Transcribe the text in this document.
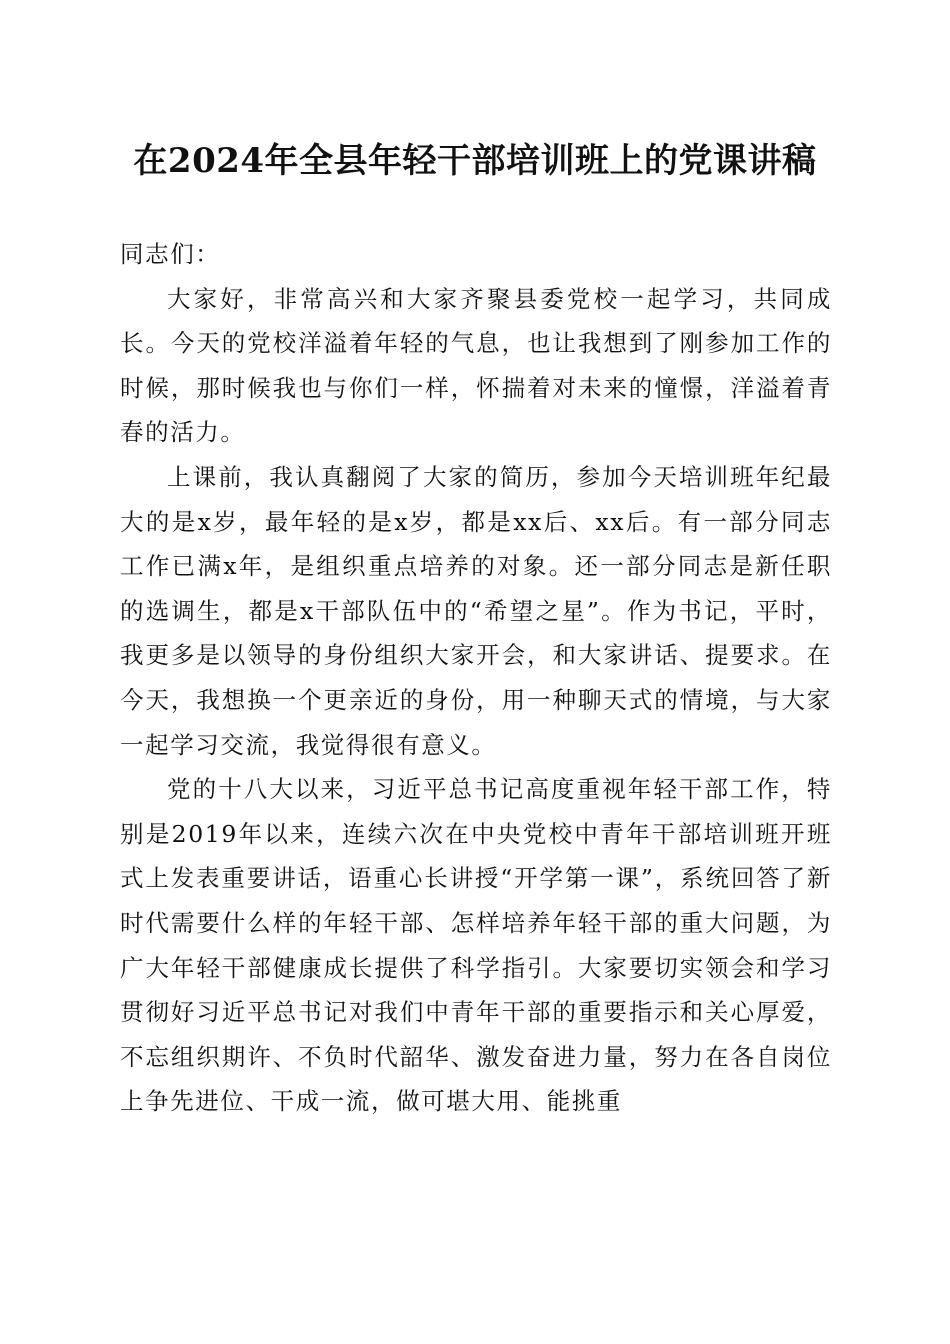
在2024年全县年轻干部培训班上的党课讲稿

同志们：

大家好，非常高兴和大家齐聚县委党校一起学习，共同成长。今天的党校洋溢着年轻的气息，也让我想到了刚参加工作的时候，那时候我也与你们一样，怀揣着对未来的憧憬，洋溢着青春的活力。

上课前，我认真翻阅了大家的简历，参加今天培训班年纪最大的是x岁，最年轻的是x岁，都是xx后、xx后。有一部分同志工作已满x年，是组织重点培养的对象。还一部分同志是新任职的选调生，都是x干部队伍中的“希望之星”。作为书记，平时，我更多是以领导的身份组织大家开会，和大家讲话、提要求。在今天，我想换一个更亲近的身份，用一种聊天式的情境，与大家一起学习交流，我觉得很有意义。

党的十八大以来，习近平总书记高度重视年轻干部工作，特别是2019年以来，连续六次在中央党校中青年干部培训班开班式上发表重要讲话，语重心长讲授“开学第一课”，系统回答了新时代需要什么样的年轻干部、怎样培养年轻干部的重大问题，为广大年轻干部健康成长提供了科学指引。大家要切实领会和学习贯彻好习近平总书记对我们中青年干部的重要指示和关心厚爱，不忘组织期许、不负时代韶华、激发奋进力量，努力在各自岗位上争先进位、干成一流，做可堪大用、能挑重
